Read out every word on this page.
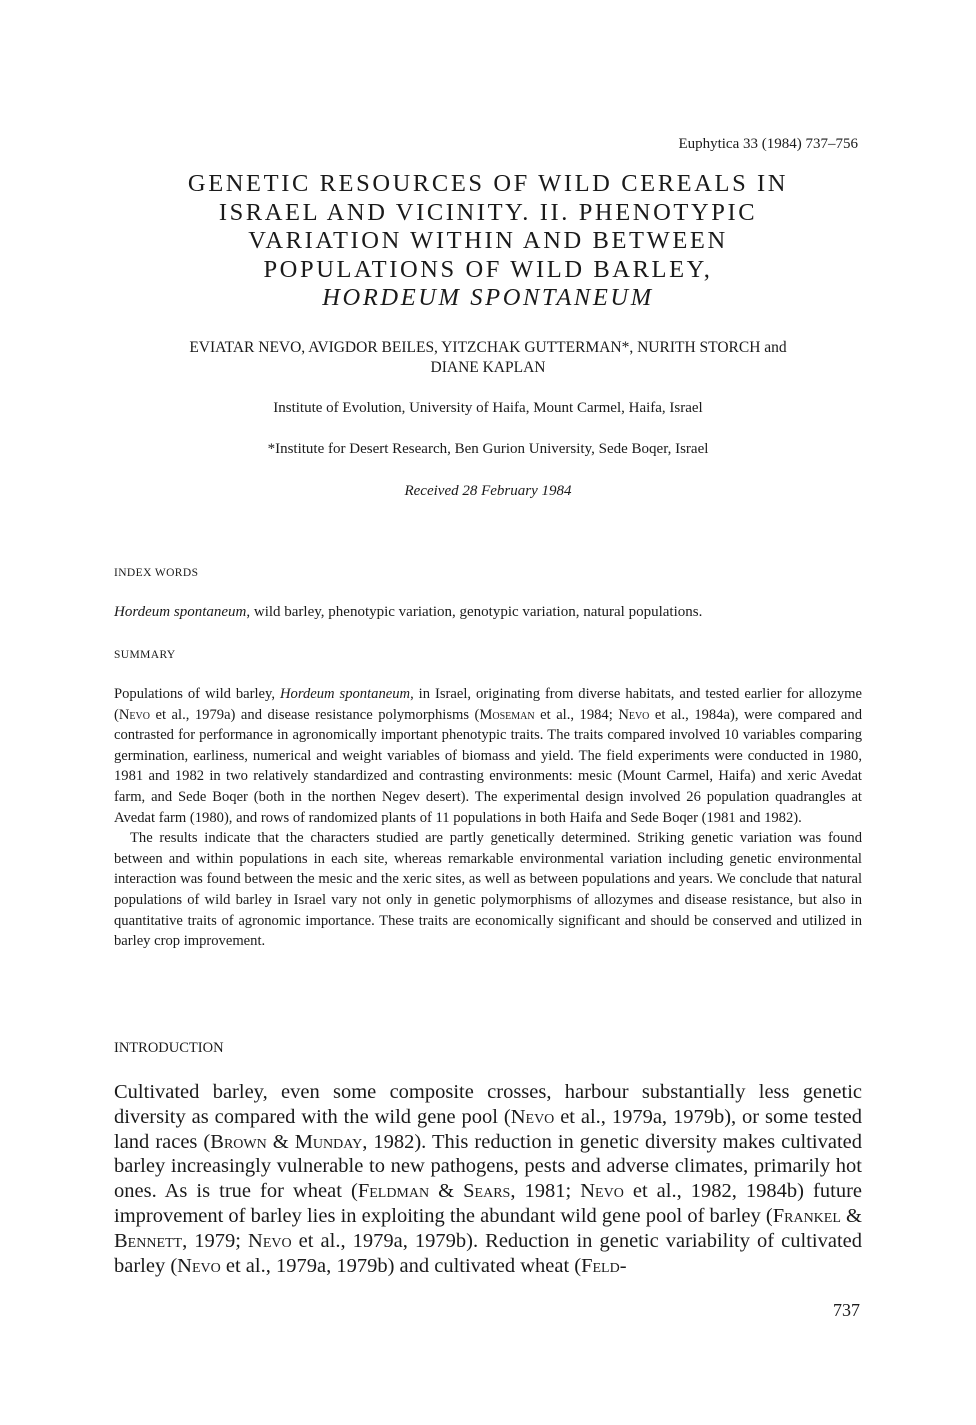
Euphytica 33 (1984) 737–756
GENETIC RESOURCES OF WILD CEREALS IN
ISRAEL AND VICINITY. II. PHENOTYPIC
VARIATION WITHIN AND BETWEEN
POPULATIONS OF WILD BARLEY,
HORDEUM SPONTANEUM
EVIATAR NEVO, AVIGDOR BEILES, YITZCHAK GUTTERMAN*, NURITH STORCH and
DIANE KAPLAN
Institute of Evolution, University of Haifa, Mount Carmel, Haifa, Israel
*Institute for Desert Research, Ben Gurion University, Sede Boqer, Israel
Received 28 February 1984
INDEX WORDS
Hordeum spontaneum, wild barley, phenotypic variation, genotypic variation, natural populations.
SUMMARY

Populations of wild barley, Hordeum spontaneum, in Israel, originating from diverse habitats, and tested earlier for allozyme (Nevo et al., 1979a) and disease resistance polymorphisms (Moseman et al., 1984; Nevo et al., 1984a), were compared and contrasted for performance in agronomically important phenotypic traits. The traits compared involved 10 variables comparing germination, earliness, numerical and weight variables of biomass and yield. The field experiments were conducted in 1980, 1981 and 1982 in two relatively standardized and contrasting environments: mesic (Mount Carmel, Haifa) and xeric Avedat farm, and Sede Boqer (both in the northen Negev desert). The experimental design involved 26 population quadrangles at Avedat farm (1980), and rows of randomized plants of 11 populations in both Haifa and Sede Boqer (1981 and 1982).

The results indicate that the characters studied are partly genetically determined. Striking genetic variation was found between and within populations in each site, whereas remarkable environmental variation including genetic environmental interaction was found between the mesic and the xeric sites, as well as between populations and years. We conclude that natural populations of wild barley in Israel vary not only in genetic polymorphisms of allozymes and disease resistance, but also in quantitative traits of agronomic importance. These traits are economically significant and should be conserved and utilized in barley crop improvement.

INTRODUCTION

Cultivated barley, even some composite crosses, harbour substantially less genetic diversity as compared with the wild gene pool (Nevo et al., 1979a, 1979b), or some tested land races (Brown & Munday, 1982). This reduction in genetic diversity makes cultivated barley increasingly vulnerable to new pathogens, pests and adverse climates, primarily hot ones. As is true for wheat (Feldman & Sears, 1981; Nevo et al., 1982, 1984b) future improvement of barley lies in exploiting the abundant wild gene pool of barley (Frankel & Bennett, 1979; Nevo et al., 1979a, 1979b). Reduction in genetic variability of cultivated barley (Nevo et al., 1979a, 1979b) and cultivated wheat (Feld-

737
